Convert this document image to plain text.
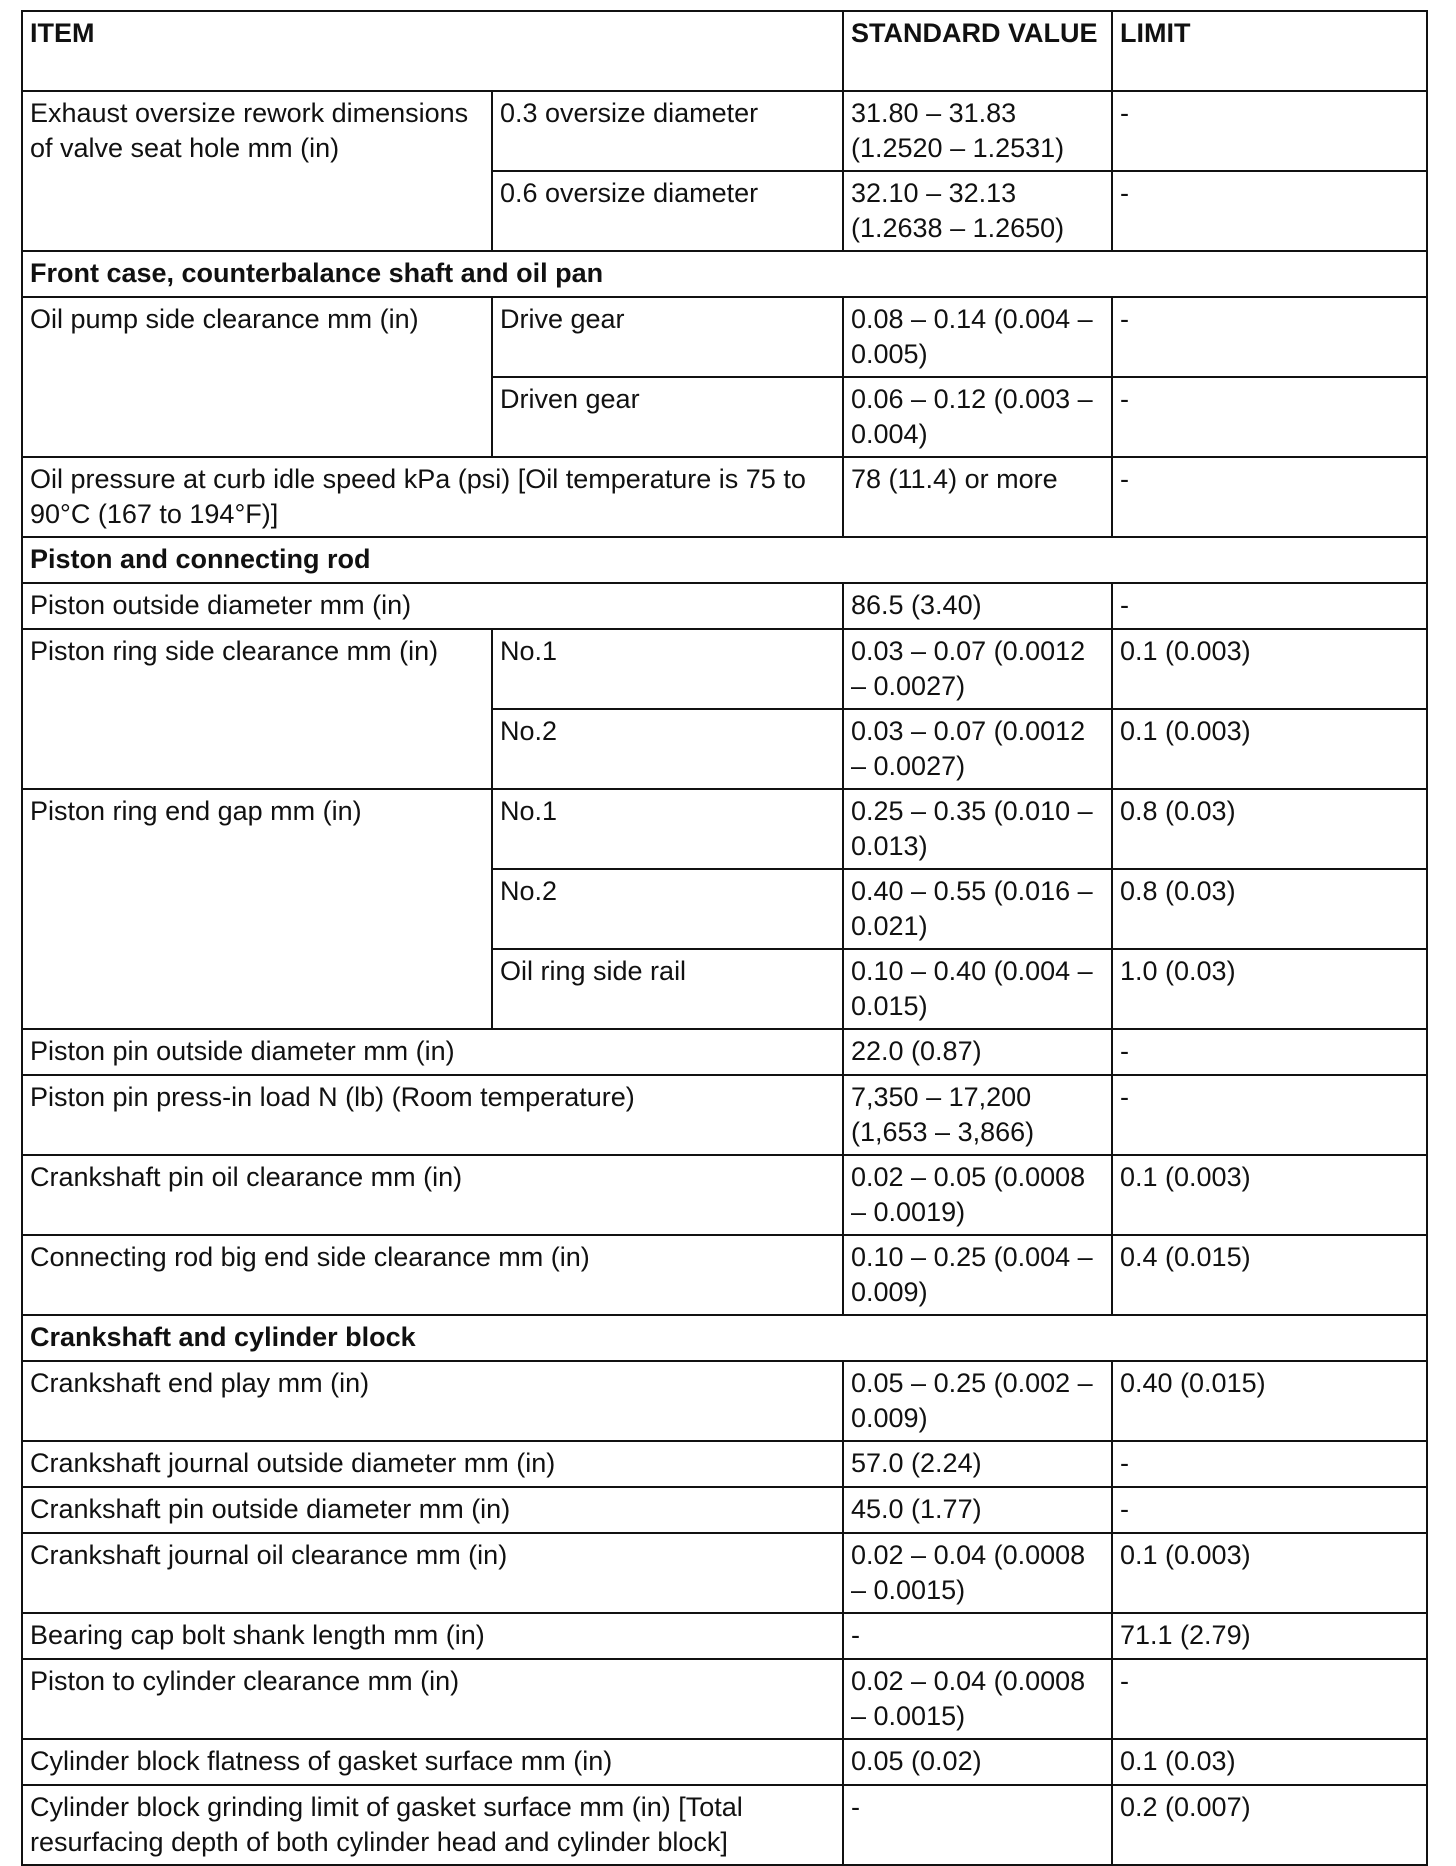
ITEM		STANDARD VALUE	LIMIT
Exhaust oversize rework dimensions of valve seat hole mm (in)	0.3 oversize diameter	31.80 – 31.83 (1.2520 – 1.2531)	-
	0.6 oversize diameter	32.10 – 32.13 (1.2638 – 1.2650)	-
Front case, counterbalance shaft and oil pan			
Oil pump side clearance mm (in)	Drive gear	0.08 – 0.14 (0.004 – 0.005)	-
	Driven gear	0.06 – 0.12 (0.003 – 0.004)	-
Oil pressure at curb idle speed kPa (psi) [Oil temperature is 75 to 90°C (167 to 194°F)]		78 (11.4) or more	-
Piston and connecting rod			
Piston outside diameter mm (in)		86.5 (3.40)	-
Piston ring side clearance mm (in)	No.1	0.03 – 0.07 (0.0012 – 0.0027)	0.1 (0.003)
	No.2	0.03 – 0.07 (0.0012 – 0.0027)	0.1 (0.003)
Piston ring end gap mm (in)	No.1	0.25 – 0.35 (0.010 – 0.013)	0.8 (0.03)
	No.2	0.40 – 0.55 (0.016 – 0.021)	0.8 (0.03)
	Oil ring side rail	0.10 – 0.40 (0.004 – 0.015)	1.0 (0.03)
Piston pin outside diameter mm (in)		22.0 (0.87)	-
Piston pin press-in load N (lb) (Room temperature)		7,350 – 17,200 (1,653 – 3,866)	-
Crankshaft pin oil clearance mm (in)		0.02 – 0.05 (0.0008 – 0.0019)	0.1 (0.003)
Connecting rod big end side clearance mm (in)		0.10 – 0.25 (0.004 – 0.009)	0.4 (0.015)
Crankshaft and cylinder block			
Crankshaft end play mm (in)		0.05 – 0.25 (0.002 – 0.009)	0.40 (0.015)
Crankshaft journal outside diameter mm (in)		57.0 (2.24)	-
Crankshaft pin outside diameter mm (in)		45.0 (1.77)	-
Crankshaft journal oil clearance mm (in)		0.02 – 0.04 (0.0008 – 0.0015)	0.1 (0.003)
Bearing cap bolt shank length mm (in)		-	71.1 (2.79)
Piston to cylinder clearance mm (in)		0.02 – 0.04 (0.0008 – 0.0015)	-
Cylinder block flatness of gasket surface mm (in)		0.05 (0.02)	0.1 (0.03)
Cylinder block grinding limit of gasket surface mm (in) [Total resurfacing depth of both cylinder head and cylinder block]		-	0.2 (0.007)
